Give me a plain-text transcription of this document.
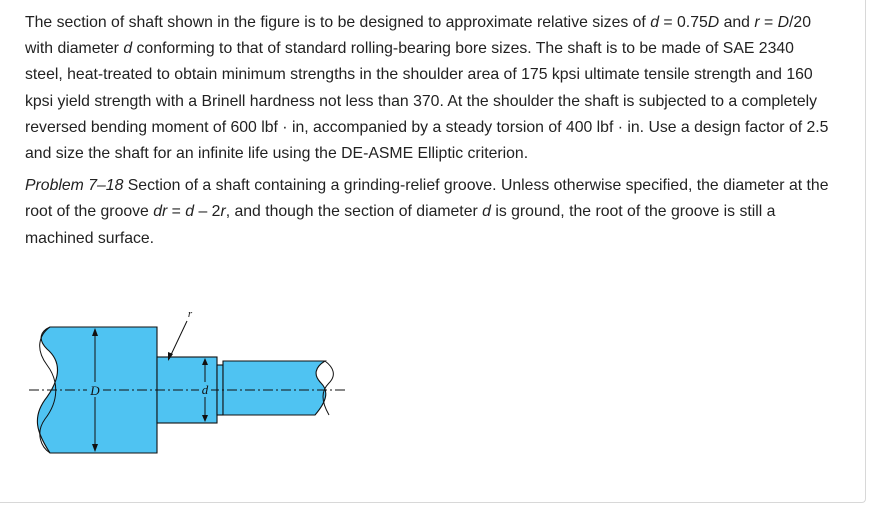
The section of shaft shown in the figure is to be designed to approximate relative sizes of d = 0.75D and r = D/20 with diameter d conforming to that of standard rolling-bearing bore sizes. The shaft is to be made of SAE 2340 steel, heat-treated to obtain minimum strengths in the shoulder area of 175 kpsi ultimate tensile strength and 160 kpsi yield strength with a Brinell hardness not less than 370. At the shoulder the shaft is subjected to a completely reversed bending moment of 600 lbf · in, accompanied by a steady torsion of 400 lbf · in. Use a design factor of 2.5 and size the shaft for an infinite life using the DE-ASME Elliptic criterion.

Problem 7–18 Section of a shaft containing a grinding-relief groove. Unless otherwise specified, the diameter at the root of the groove dr = d – 2r, and though the section of diameter d is ground, the root of the groove is still a machined surface.

D	d
r
